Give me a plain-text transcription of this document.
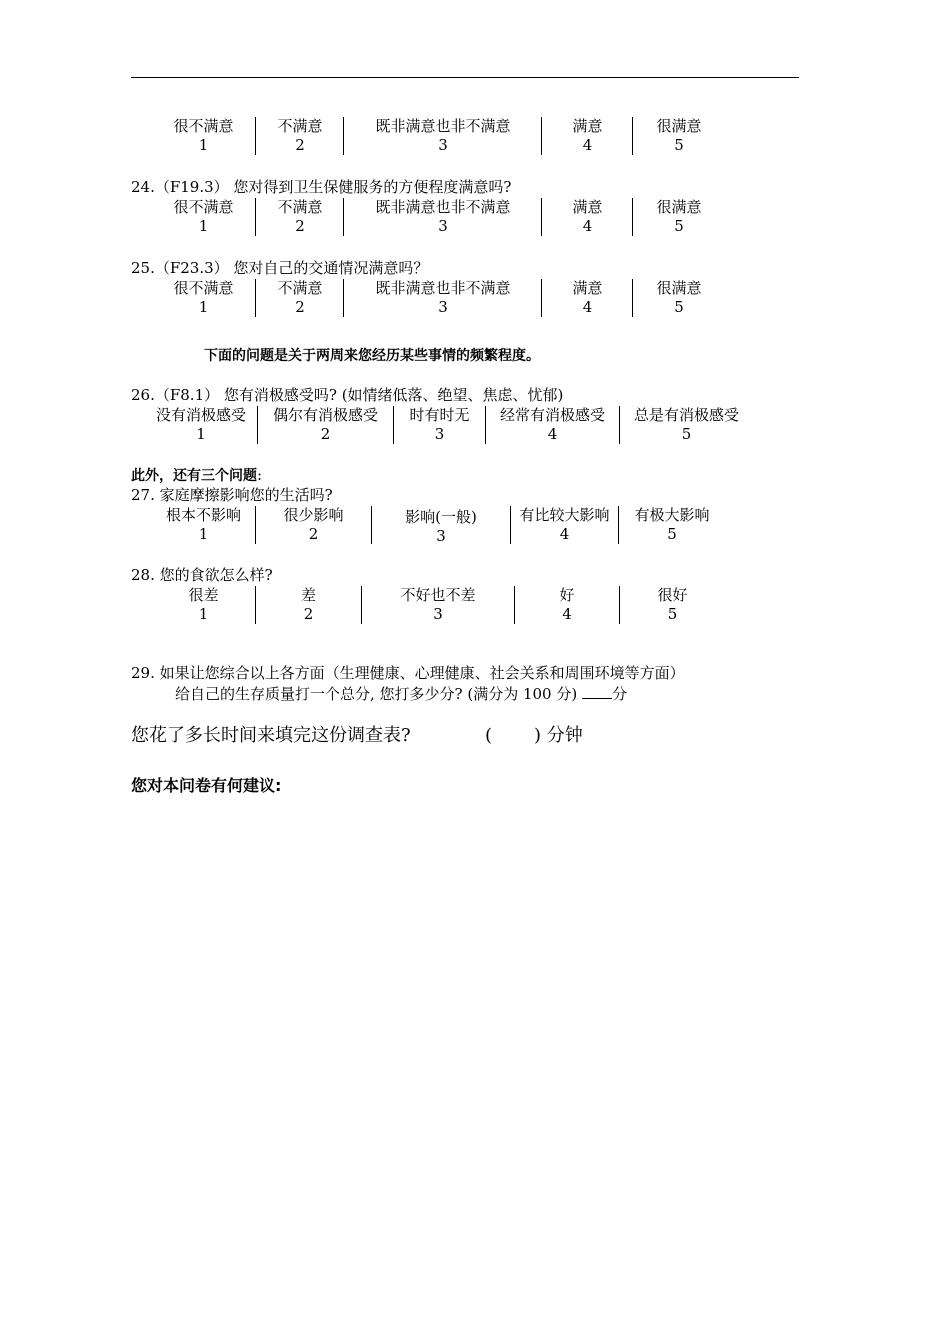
很不满意
1
不满意
2
既非满意也非不满意
3
满意
4
很满意
5
24.（F19.3） 您对得到卫生保健服务的方便程度满意吗?
很不满意
1
不满意
2
既非满意也非不满意
3
满意
4
很满意
5
25.（F23.3） 您对自己的交通情况满意吗？
很不满意
1
不满意
2
既非满意也非不满意
3
满意
4
很满意
5
下面的问题是关于两周来您经历某些事情的频繁程度。
26.（F8.1） 您有消极感受吗? (如情绪低落、绝望、焦虑、忧郁)
没有消极感受
1
偶尔有消极感受
2
时有时无
3
经常有消极感受
4
总是有消极感受
5
此外，还有三个问题:
27. 家庭摩擦影响您的生活吗?
根本不影响
1
很少影响
2
影响(一般)
3
有比较大影响
4
有极大影响
5
28. 您的食欲怎么样?
很差
1
差
2
不好也不差
3
好
4
很好
5
29. 如果让您综合以上各方面（生理健康、心理健康、社会关系和周围环境等方面）
给自己的生存质量打一个总分, 您打多少分? (满分为 100 分) 分
您花了多长时间来填完这份调查表?	( ) 分钟
您对本问卷有何建议:
